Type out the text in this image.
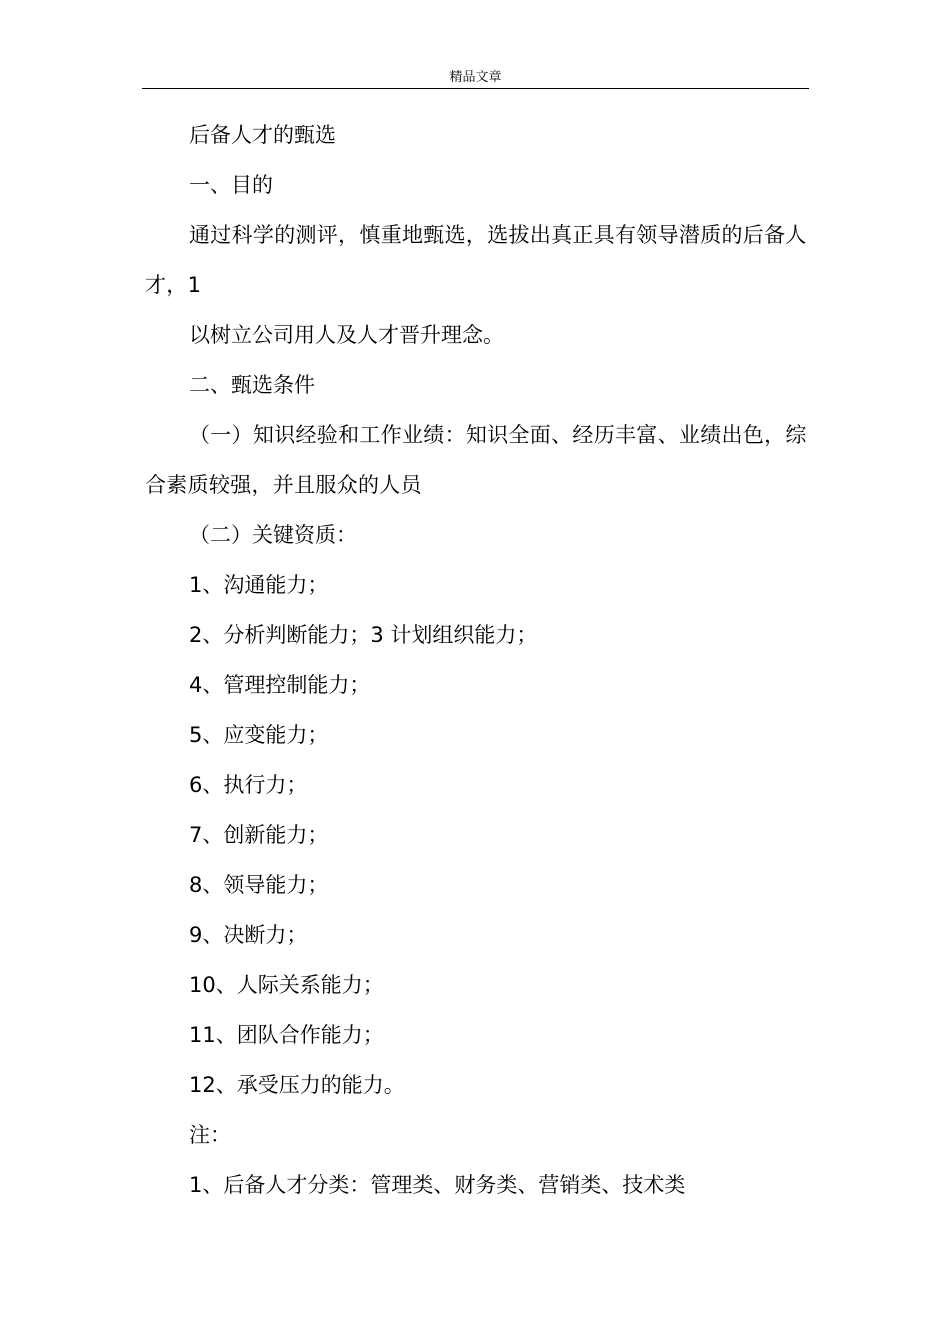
精品文章

后备人才的甄选

一、目的

通过科学的测评，慎重地甄选，选拔出真正具有领导潜质的后备人才，1

以树立公司用人及人才晋升理念。

二、甄选条件

（一）知识经验和工作业绩：知识全面、经历丰富、业绩出色，综合素质较强，并且服众的人员

（二）关键资质：

1、沟通能力；

2、分析判断能力；3 计划组织能力；

4、管理控制能力；

5、应变能力；

6、执行力；

7、创新能力；

8、领导能力；

9、决断力；

10、人际关系能力；

11、团队合作能力；

12、承受压力的能力。

注：

1、后备人才分类：管理类、财务类、营销类、技术类
